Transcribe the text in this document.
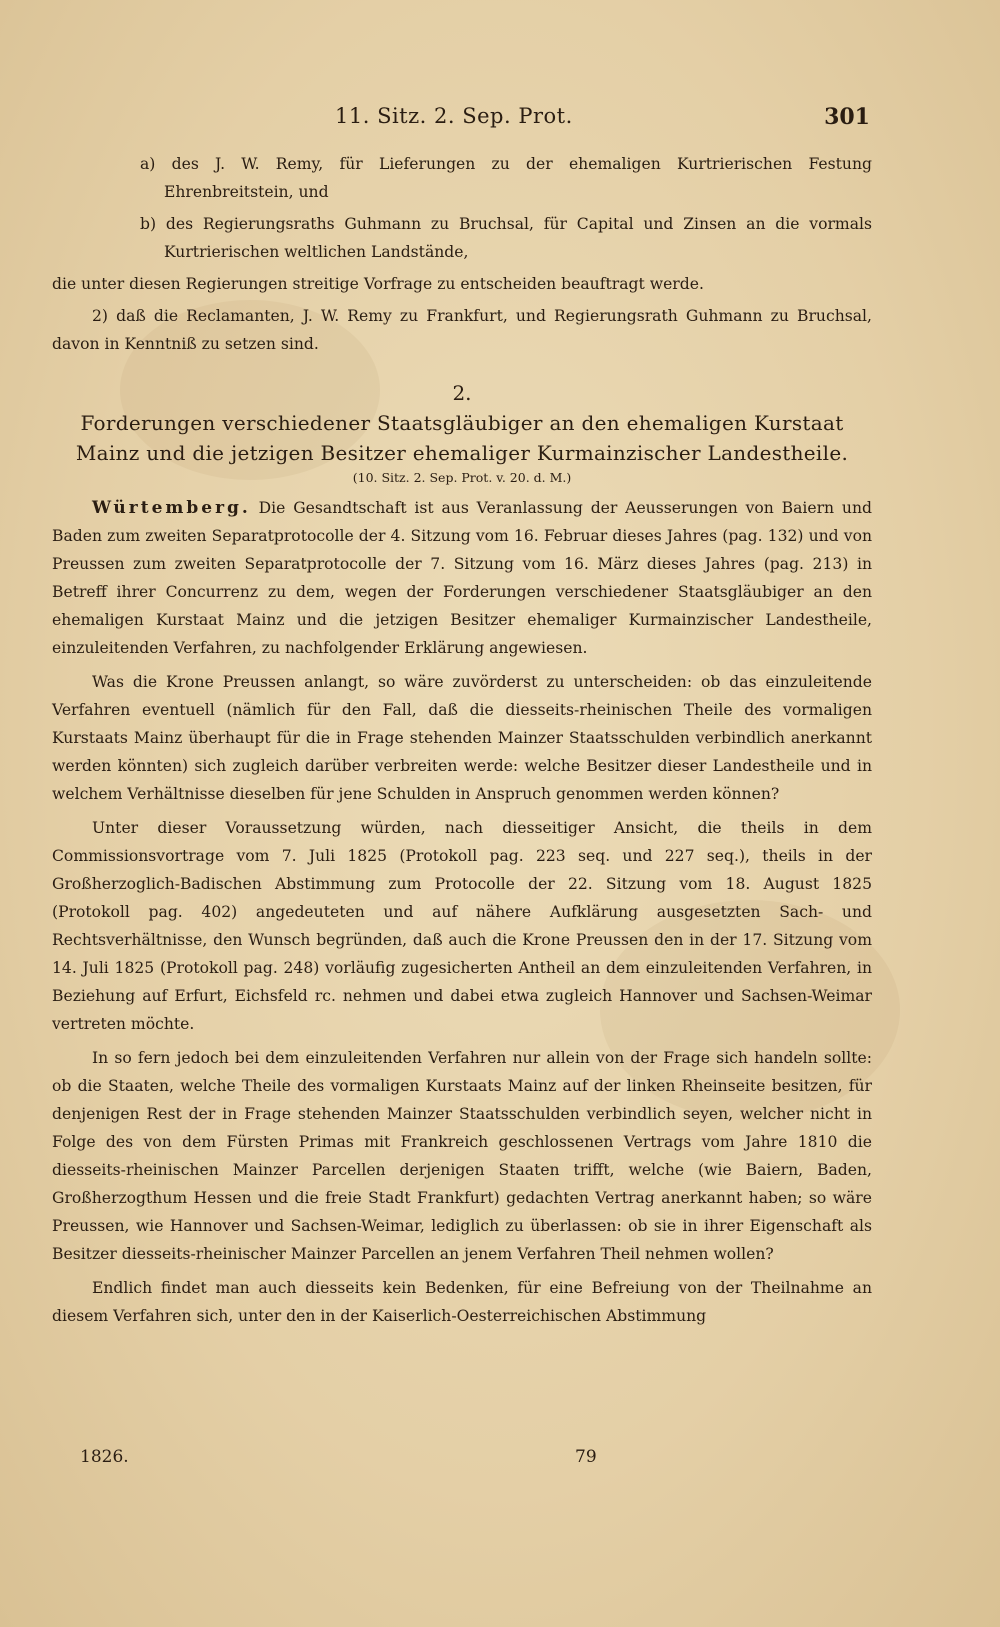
11. Sitz. 2. Sep. Prot.	301

a) des J. W. Remy, für Lieferungen zu der ehemaligen Kurtrierischen Festung Ehrenbreitstein, und

b) des Regierungsraths Guhmann zu Bruchsal, für Capital und Zinsen an die vormals Kurtrierischen weltlichen Landstände,

die unter diesen Regierungen streitige Vorfrage zu entscheiden beauftragt werde.

2) daß die Reclamanten, J. W. Remy zu Frankfurt, und Regierungsrath Guhmann zu Bruchsal, davon in Kenntniß zu setzen sind.

2.
Forderungen verschiedener Staatsgläubiger an den ehemaligen Kurstaat
Mainz und die jetzigen Besitzer ehemaliger Kurmainzischer Landestheile.
(10. Sitz. 2. Sep. Prot. v. 20. d. M.)

Würtemberg. Die Gesandtschaft ist aus Veranlassung der Aeusserungen von Baiern und Baden zum zweiten Separatprotocolle der 4. Sitzung vom 16. Februar dieses Jahres (pag. 132) und von Preussen zum zweiten Separatprotocolle der 7. Sitzung vom 16. März dieses Jahres (pag. 213) in Betreff ihrer Concurrenz zu dem, wegen der Forderungen verschiedener Staatsgläubiger an den ehemaligen Kurstaat Mainz und die jetzigen Besitzer ehemaliger Kurmainzischer Landestheile, einzuleitenden Verfahren, zu nachfolgender Erklärung angewiesen.

Was die Krone Preussen anlangt, so wäre zuvörderst zu unterscheiden: ob das einzuleitende Verfahren eventuell (nämlich für den Fall, daß die diesseits-rheinischen Theile des vormaligen Kurstaats Mainz überhaupt für die in Frage stehenden Mainzer Staatsschulden verbindlich anerkannt werden könnten) sich zugleich darüber verbreiten werde: welche Besitzer dieser Landestheile und in welchem Verhältnisse dieselben für jene Schulden in Anspruch genommen werden können?

Unter dieser Voraussetzung würden, nach diesseitiger Ansicht, die theils in dem Commissionsvortrage vom 7. Juli 1825 (Protokoll pag. 223 seq. und 227 seq.), theils in der Großherzoglich-Badischen Abstimmung zum Protocolle der 22. Sitzung vom 18. August 1825 (Protokoll pag. 402) angedeuteten und auf nähere Aufklärung ausgesetzten Sach- und Rechtsverhältnisse, den Wunsch begründen, daß auch die Krone Preussen den in der 17. Sitzung vom 14. Juli 1825 (Protokoll pag. 248) vorläufig zugesicherten Antheil an dem einzuleitenden Verfahren, in Beziehung auf Erfurt, Eichsfeld rc. nehmen und dabei etwa zugleich Hannover und Sachsen-Weimar vertreten möchte.

In so fern jedoch bei dem einzuleitenden Verfahren nur allein von der Frage sich handeln sollte: ob die Staaten, welche Theile des vormaligen Kurstaats Mainz auf der linken Rheinseite besitzen, für denjenigen Rest der in Frage stehenden Mainzer Staatsschulden verbindlich seyen, welcher nicht in Folge des von dem Fürsten Primas mit Frankreich geschlossenen Vertrags vom Jahre 1810 die diesseits-rheinischen Mainzer Parcellen derjenigen Staaten trifft, welche (wie Baiern, Baden, Großherzogthum Hessen und die freie Stadt Frankfurt) gedachten Vertrag anerkannt haben; so wäre Preussen, wie Hannover und Sachsen-Weimar, lediglich zu überlassen: ob sie in ihrer Eigenschaft als Besitzer diesseits-rheinischer Mainzer Parcellen an jenem Verfahren Theil nehmen wollen?

Endlich findet man auch diesseits kein Bedenken, für eine Befreiung von der Theilnahme an diesem Verfahren sich, unter den in der Kaiserlich-Oesterreichischen Abstimmung

1826.	79
